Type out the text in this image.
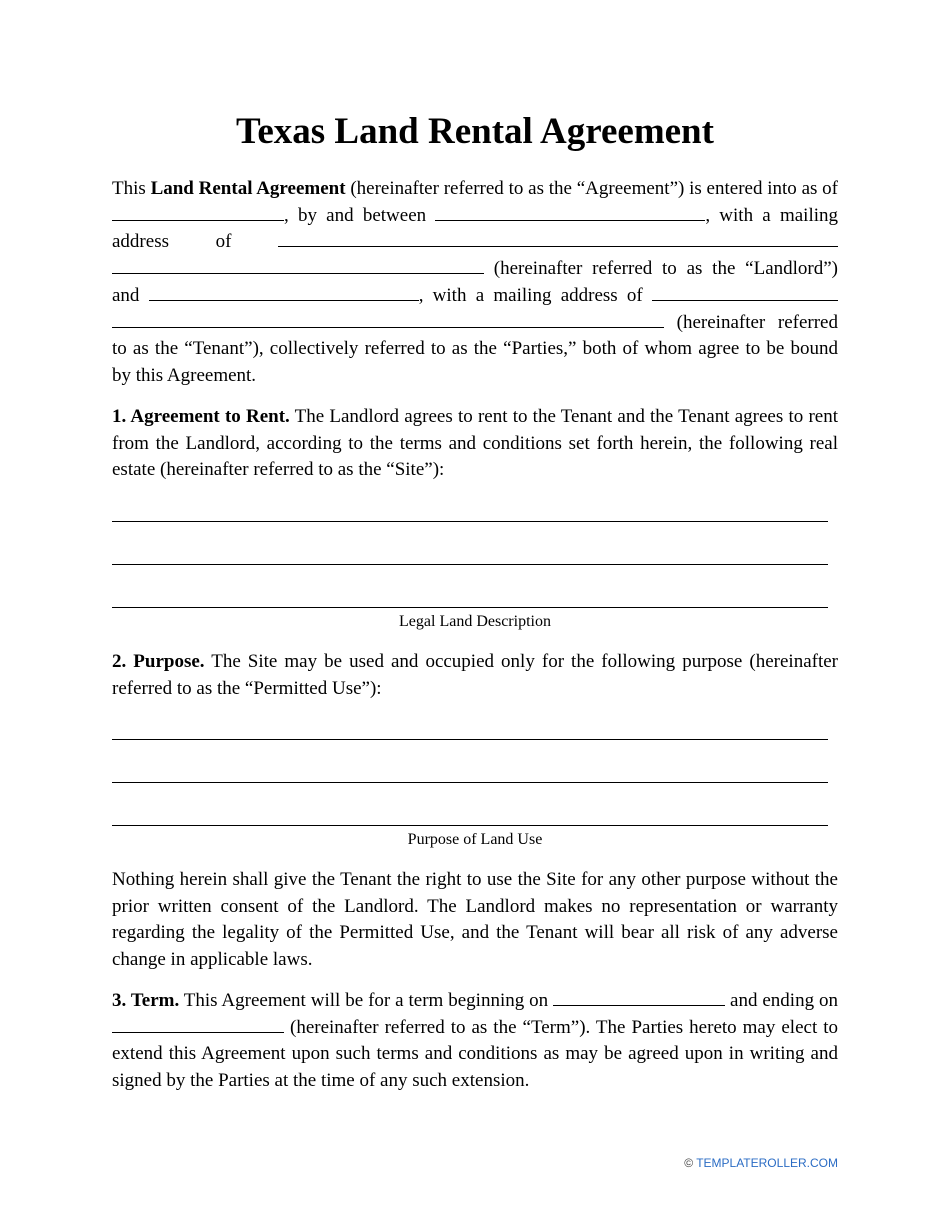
Texas Land Rental Agreement

This Land Rental Agreement (hereinafter referred to as the “Agreement”) is entered into as of , by and between	, with a mailing address of   (hereinafter referred to as the “Landlord”) and	, with a mailing address of   (hereinafter referred to as the “Tenant”), collectively referred to as the “Parties,” both of whom agree to be bound by this Agreement.

1. Agreement to Rent. The Landlord agrees to rent to the Tenant and the Tenant agrees to rent from the Landlord, according to the terms and conditions set forth herein, the following real estate (hereinafter referred to as the “Site”):

Legal Land Description

2. Purpose. The Site may be used and occupied only for the following purpose (hereinafter referred to as the “Permitted Use”):

Purpose of Land Use

Nothing herein shall give the Tenant the right to use the Site for any other purpose without the prior written consent of the Landlord. The Landlord makes no representation or warranty regarding the legality of the Permitted Use, and the Tenant will bear all risk of any adverse change in applicable laws.

3. Term. This Agreement will be for a term beginning on	and ending on  (hereinafter referred to as the “Term”). The Parties hereto may elect to extend this Agreement upon such terms and conditions as may be agreed upon in writing and signed by the Parties at the time of any such extension.

© TEMPLATEROLLER.COM
